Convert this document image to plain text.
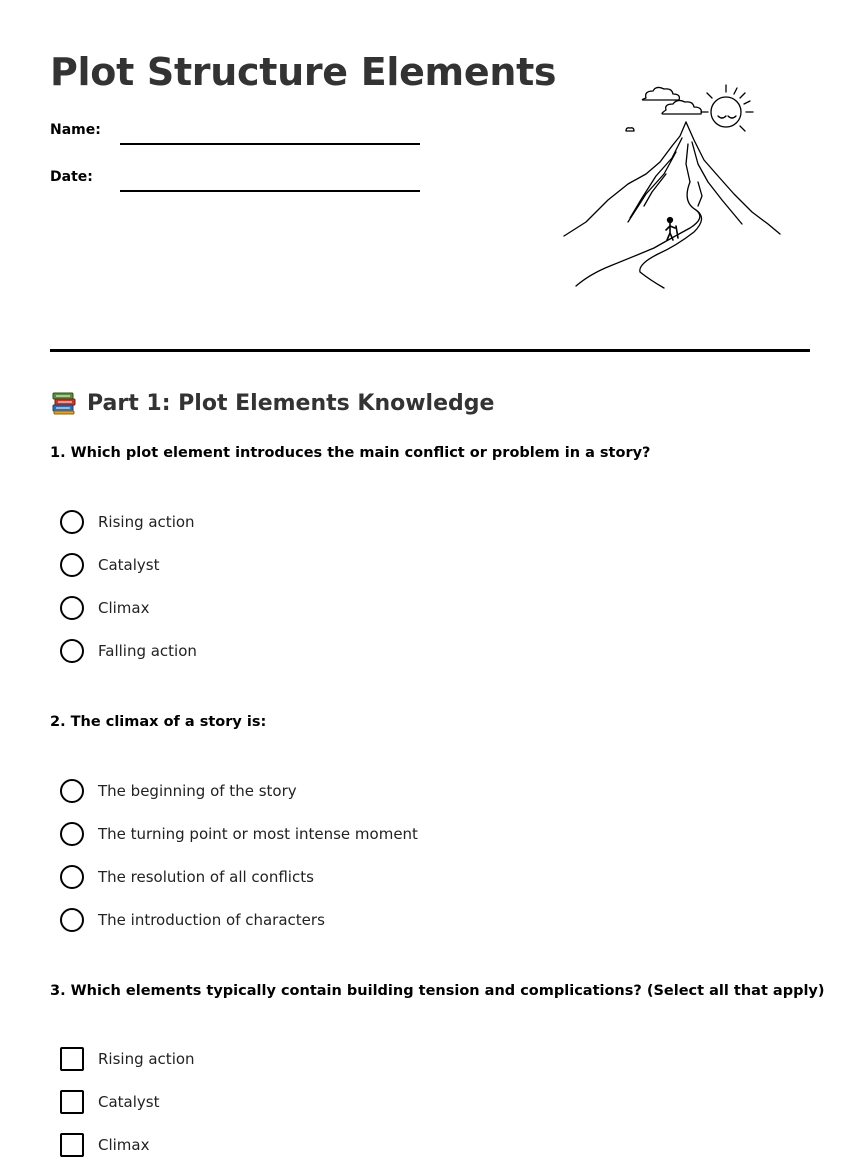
Plot Structure Elements
Name:
Date:
Part 1: Plot Elements Knowledge

1. Which plot element introduces the main conflict or problem in a story?

Rising action
Catalyst
Climax
Falling action

2. The climax of a story is:

The beginning of the story
The turning point or most intense moment
The resolution of all conflicts
The introduction of characters

3. Which elements typically contain building tension and complications? (Select all that apply)

Rising action
Catalyst
Climax
